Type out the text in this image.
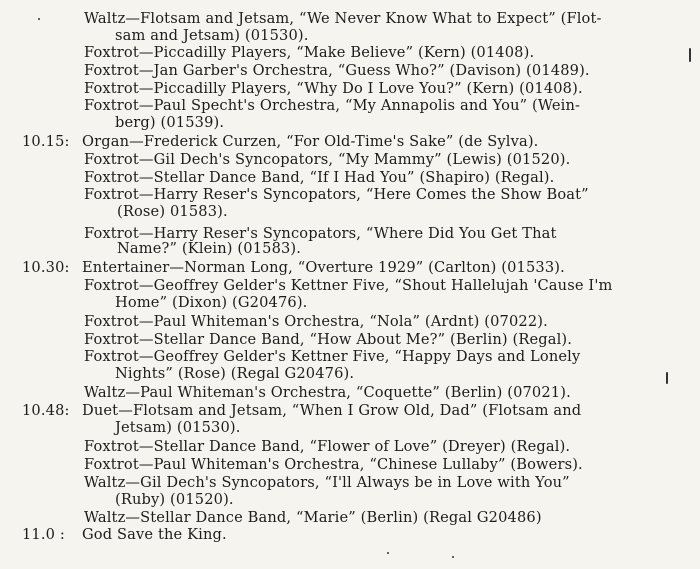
Waltz—Flotsam and Jetsam, “We Never Know What to Expect” (Flot-
sam and Jetsam) (01530).
Foxtrot—Piccadilly Players, “Make Believe” (Kern) (01408).
Foxtrot—Jan Garber's Orchestra, “Guess Who?” (Davison) (01489).
Foxtrot—Piccadilly Players, “Why Do I Love You?” (Kern) (01408).
Foxtrot—Paul Specht's Orchestra, “My Annapolis and You” (Wein-
berg) (01539).
10.15: Organ—Frederick Curzen, “For Old-Time's Sake” (de Sylva).
Foxtrot—Gil Dech's Syncopators, “My Mammy” (Lewis) (01520).
Foxtrot—Stellar Dance Band, “If I Had You” (Shapiro) (Regal).
Foxtrot—Harry Reser's Syncopators, “Here Comes the Show Boat”
(Rose) 01583).
Foxtrot—Harry Reser's Syncopators, “Where Did You Get That
Name?” (Klein) (01583).
10.30: Entertainer—Norman Long, “Overture 1929” (Carlton) (01533).
Foxtrot—Geoffrey Gelder's Kettner Five, “Shout Hallelujah 'Cause I'm
Home” (Dixon) (G20476).
Foxtrot—Paul Whiteman's Orchestra, “Nola” (Ardnt) (07022).
Foxtrot—Stellar Dance Band, “How About Me?” (Berlin) (Regal).
Foxtrot—Geoffrey Gelder's Kettner Five, “Happy Days and Lonely
Nights” (Rose) (Regal G20476).
Waltz—Paul Whiteman's Orchestra, “Coquette” (Berlin) (07021).
10.48: Duet—Flotsam and Jetsam, “When I Grow Old, Dad” (Flotsam and
Jetsam) (01530).
Foxtrot—Stellar Dance Band, “Flower of Love” (Dreyer) (Regal).
Foxtrot—Paul Whiteman's Orchestra, “Chinese Lullaby” (Bowers).
Waltz—Gil Dech's Syncopators, “I'll Always be in Love with You”
(Ruby) (01520).
Waltz—Stellar Dance Band, “Marie” (Berlin) (Regal G20486)
11.0 :	God Save the King.
